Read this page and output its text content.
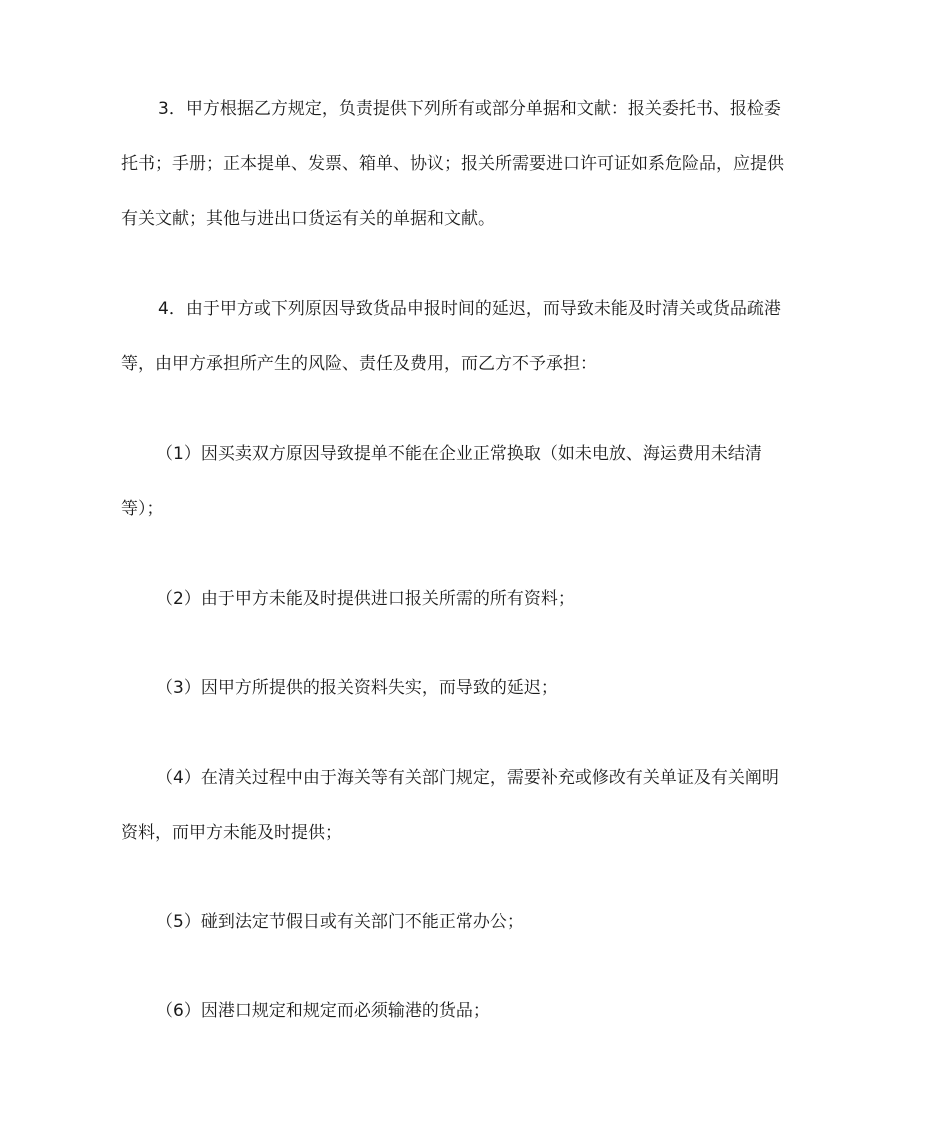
3．甲方根据乙方规定，负责提供下列所有或部分单据和文献：报关委托书、报检委
托书；手册；正本提单、发票、箱单、协议；报关所需要进口许可证如系危险品，应提供
有关文献；其他与进出口货运有关的单据和文献。
4．由于甲方或下列原因导致货品申报时间的延迟，而导致未能及时清关或货品疏港
等，由甲方承担所产生的风险、责任及费用，而乙方不予承担：
（1）因买卖双方原因导致提单不能在企业正常换取（如未电放、海运费用未结清
等）；
（2）由于甲方未能及时提供进口报关所需的所有资料；
（3）因甲方所提供的报关资料失实，而导致的延迟；
（4）在清关过程中由于海关等有关部门规定，需要补充或修改有关单证及有关阐明
资料，而甲方未能及时提供；
（5）碰到法定节假日或有关部门不能正常办公；
（6）因港口规定和规定而必须输港的货品；
